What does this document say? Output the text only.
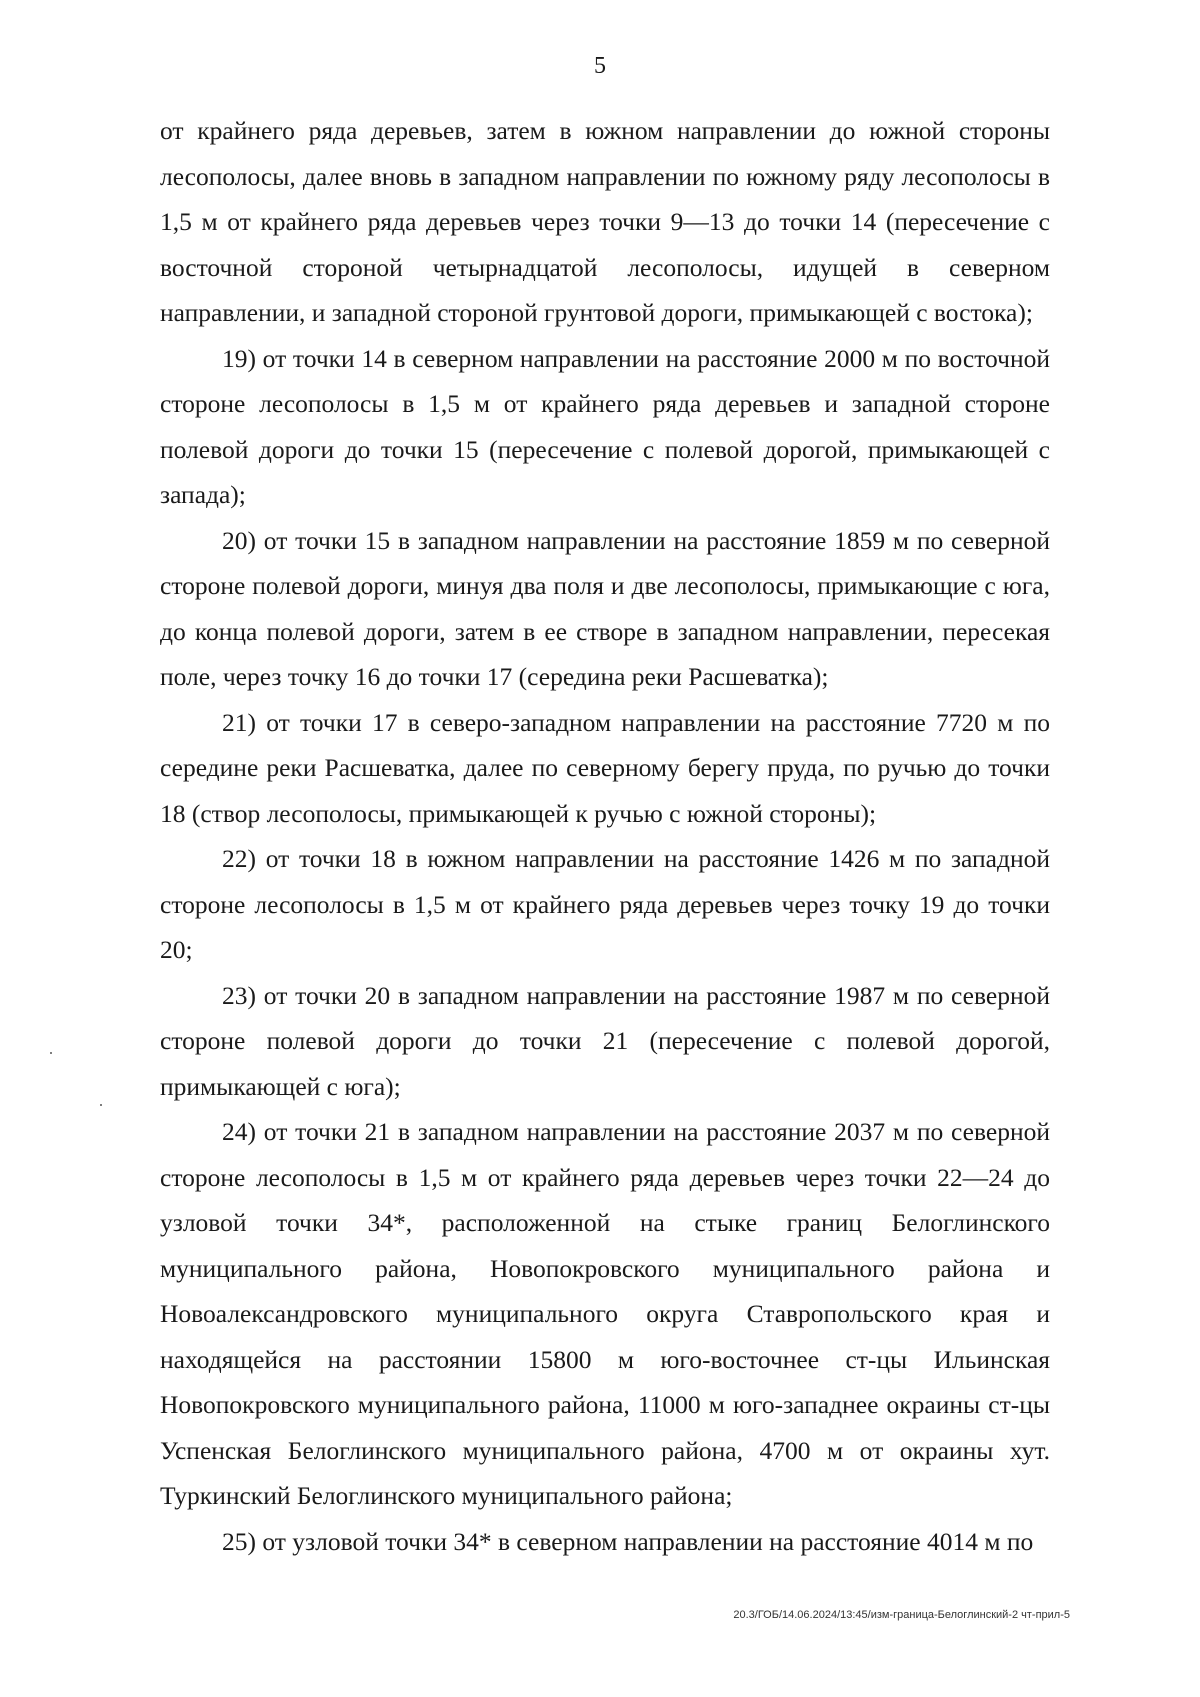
5

от крайнего ряда деревьев, затем в южном направлении до южной стороны лесополосы, далее вновь в западном направлении по южному ряду лесополосы в 1,5 м от крайнего ряда деревьев через точки 9—13 до точки 14 (пересечение с восточной стороной четырнадцатой лесополосы, идущей в северном направлении, и западной стороной грунтовой дороги, примыкающей с востока);

19) от точки 14 в северном направлении на расстояние 2000 м по восточной стороне лесополосы в 1,5 м от крайнего ряда деревьев и западной стороне полевой дороги до точки 15 (пересечение с полевой дорогой, примыкающей с запада);

20) от точки 15 в западном направлении на расстояние 1859 м по северной стороне полевой дороги, минуя два поля и две лесополосы, примыкающие с юга, до конца полевой дороги, затем в ее створе в западном направлении, пересекая поле, через точку 16 до точки 17 (середина реки Расшеватка);

21) от точки 17 в северо-западном направлении на расстояние 7720 м по середине реки Расшеватка, далее по северному берегу пруда, по ручью до точки 18 (створ лесополосы, примыкающей к ручью с южной стороны);

22) от точки 18 в южном направлении на расстояние 1426 м по западной стороне лесополосы в 1,5 м от крайнего ряда деревьев через точку 19 до точки 20;

23) от точки 20 в западном направлении на расстояние 1987 м по северной стороне полевой дороги до точки 21 (пересечение с полевой дорогой, примыкающей с юга);

24) от точки 21 в западном направлении на расстояние 2037 м по северной стороне лесополосы в 1,5 м от крайнего ряда деревьев через точки 22—24 до узловой точки 34*, расположенной на стыке границ Белоглинского муниципального района, Новопокровского муниципального района и Новоалександровского муниципального округа Ставропольского края и находящейся на расстоянии 15800 м юго-восточнее ст-цы Ильинская Новопокровского муниципального района, 11000 м юго-западнее окраины ст-цы Успенская Белоглинского муниципального района, 4700 м от окраины хут. Туркинский Белоглинского муниципального района;

25) от узловой точки 34* в северном направлении на расстояние 4014 м по

20.3/ГОБ/14.06.2024/13:45/изм-граница-Белоглинский-2 чт-прил-5
